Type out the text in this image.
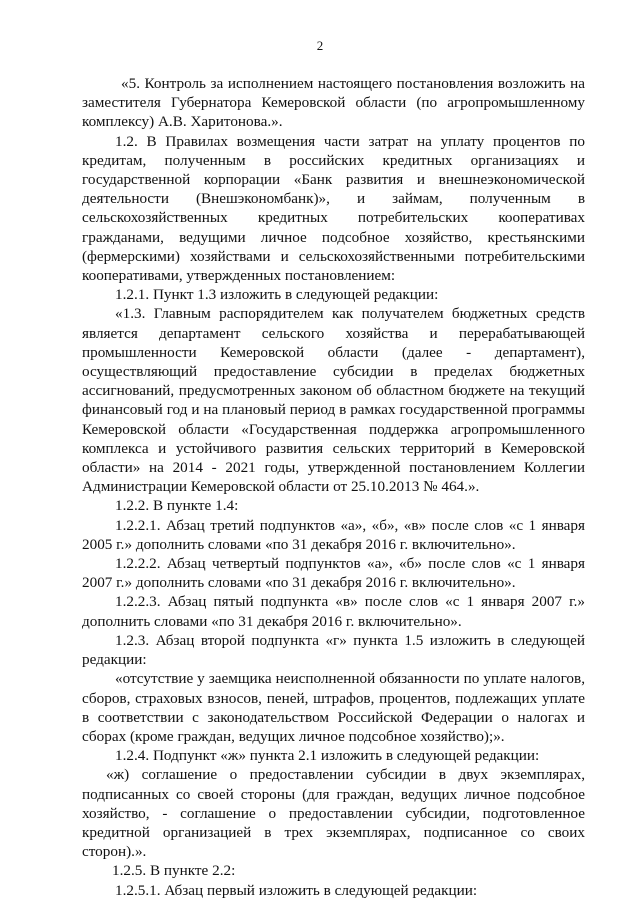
2

«5. Контроль за исполнением настоящего постановления возложить на заместителя Губернатора Кемеровской области (по агропромышленному комплексу) А.В. Харитонова.».

1.2. В Правилах возмещения части затрат на уплату процентов по кредитам, полученным в российских кредитных организациях и государственной корпорации «Банк развития и внешнеэкономической деятельности (Внешэкономбанк)», и займам, полученным в сельскохозяйственных кредитных потребительских кооперативах гражданами, ведущими личное подсобное хозяйство, крестьянскими (фермерскими) хозяйствами и сельскохозяйственными потребительскими кооперативами, утвержденных постановлением:

1.2.1. Пункт 1.3 изложить в следующей редакции:

«1.3. Главным распорядителем как получателем бюджетных средств является департамент сельского хозяйства и перерабатывающей промышленности Кемеровской области (далее - департамент), осуществляющий предоставление субсидии в пределах бюджетных ассигнований, предусмотренных законом об областном бюджете на текущий финансовый год и на плановый период в рамках государственной программы Кемеровской области «Государственная поддержка агропромышленного комплекса и устойчивого развития сельских территорий в Кемеровской области» на 2014 - 2021 годы, утвержденной постановлением Коллегии Администрации Кемеровской области от 25.10.2013 № 464.».

1.2.2. В пункте 1.4:

1.2.2.1. Абзац третий подпунктов «а», «б», «в» после слов «с 1 января 2005 г.» дополнить словами «по 31 декабря 2016 г. включительно».

1.2.2.2. Абзац четвертый подпунктов «а», «б» после слов «с 1 января 2007 г.» дополнить словами «по 31 декабря 2016 г. включительно».

1.2.2.3. Абзац пятый подпункта «в» после слов «с 1 января 2007 г.» дополнить словами «по 31 декабря 2016 г. включительно».

1.2.3. Абзац второй подпункта «г» пункта 1.5 изложить в следующей редакции:

«отсутствие у заемщика неисполненной обязанности по уплате налогов, сборов, страховых взносов, пеней, штрафов, процентов, подлежащих уплате в соответствии с законодательством Российской Федерации о налогах и сборах (кроме граждан, ведущих личное подсобное хозяйство);».

1.2.4. Подпункт «ж» пункта 2.1 изложить в следующей редакции:

«ж) соглашение о предоставлении субсидии в двух экземплярах, подписанных со своей стороны (для граждан, ведущих личное подсобное хозяйство, - соглашение о предоставлении субсидии, подготовленное кредитной организацией в трех экземплярах, подписанное со своих сторон).».

1.2.5. В пункте 2.2:

1.2.5.1. Абзац первый изложить в следующей редакции:
